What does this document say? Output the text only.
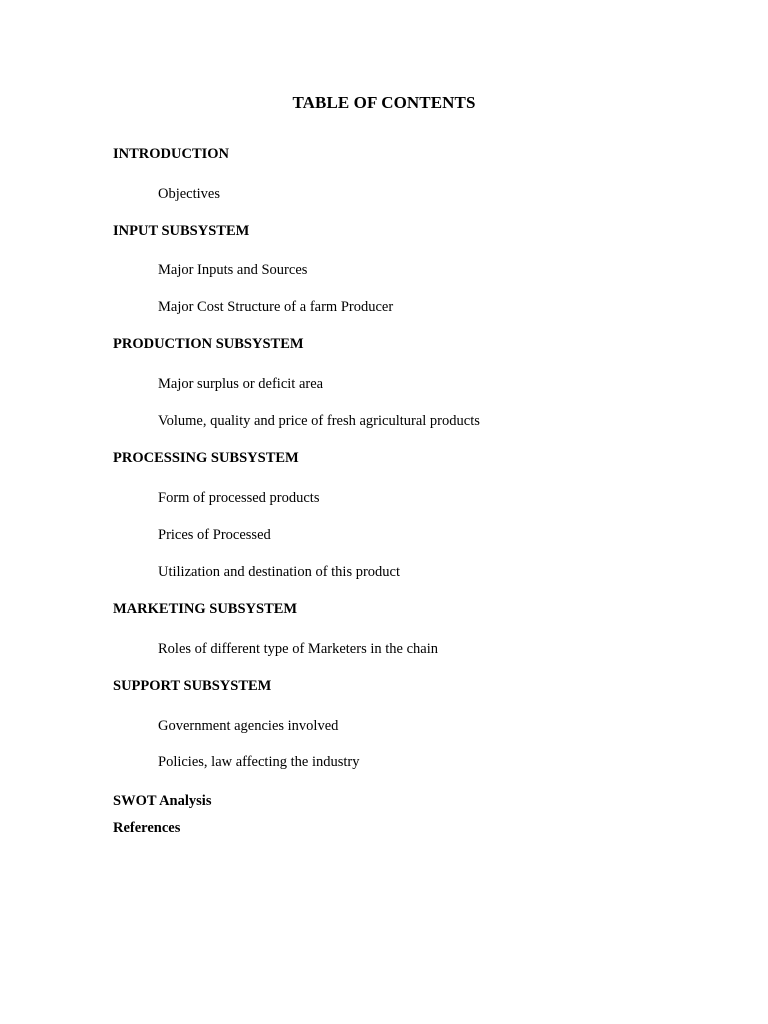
TABLE OF CONTENTS
INTRODUCTION
Objectives
INPUT SUBSYSTEM
Major Inputs and Sources
Major Cost Structure of a farm Producer
PRODUCTION SUBSYSTEM
Major surplus or deficit area
Volume, quality and price of fresh agricultural products
PROCESSING SUBSYSTEM
Form of processed products
Prices of Processed
Utilization and destination of this product
MARKETING SUBSYSTEM
Roles of different type of Marketers in the chain
SUPPORT SUBSYSTEM
Government agencies involved
Policies, law affecting the industry
SWOT Analysis
References
